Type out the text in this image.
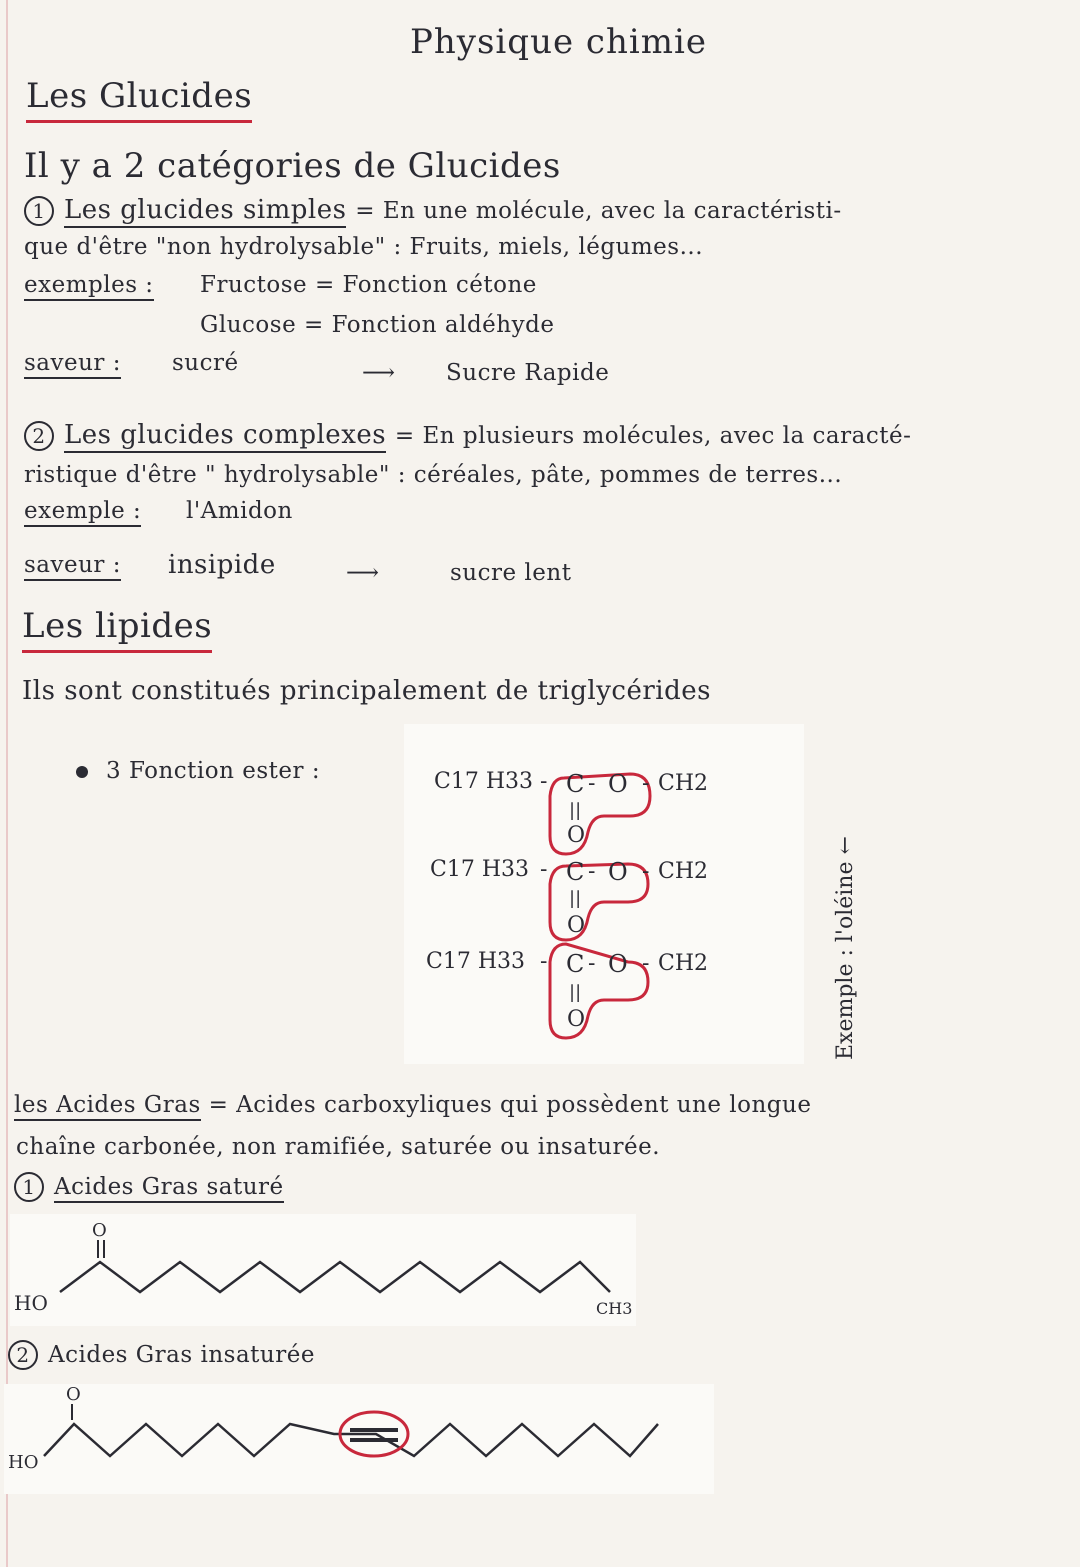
Physique chimie
Les Glucides
Il y a 2 catégories de Glucides
1 Les glucides simples = En une molécule, avec la caractéristi-
que d'être "non hydrolysable" : Fruits, miels, légumes...
exemples : Fructose = Fonction cétone
Glucose = Fonction aldéhyde
saveur : sucré	⟶ Sucre Rapide
2 Les glucides complexes = En plusieurs molécules, avec la caracté-
ristique d'être " hydrolysable" : céréales, pâte, pommes de terres...
exemple : l'Amidon
saveur : insipide	⟶	sucre lent
Les lipides
Ils sont constitués principalement de triglycérides
3 Fonction ester :	C17 H33 - C - O - CH2
||
O
C17 H33 - C - O - CH2
||
O
C17 H33 - C - O - CH2
||
O	Exemple : l'oléine ←
les Acides Gras = Acides carboxyliques qui possèdent une longue
chaîne carbonée, non ramifiée, saturée ou insaturée.
1 Acides Gras saturé
O
HO	CH3
2 Acides Gras insaturée
O
HO
